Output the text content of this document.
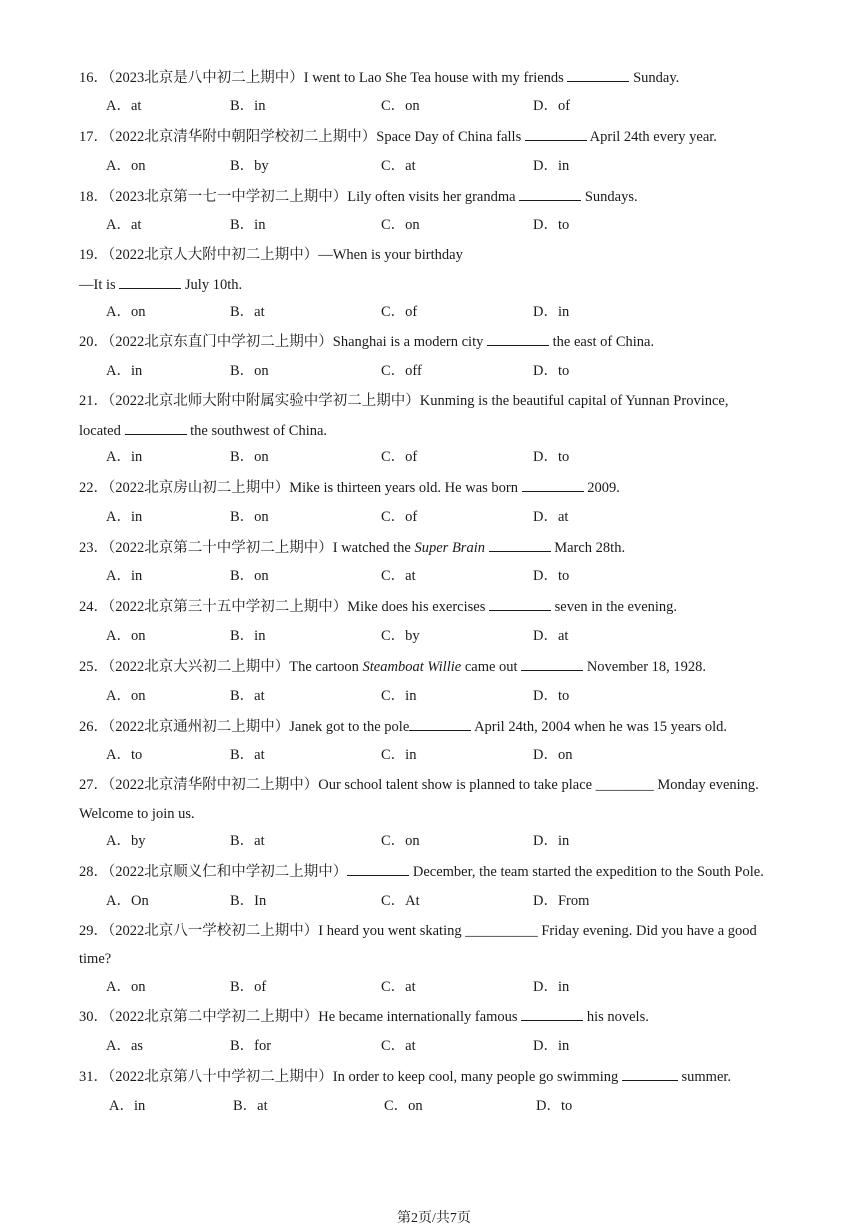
16．（2023北京是八中初二上期中）I went to Lao She Tea house with my friends	Sunday.
A．at	B．in	C．on	D．of
17．（2022北京清华附中朝阳学校初二上期中）Space Day of China falls	April 24th every year.
A．on	B．by	C．at	D．in
18．（2023北京第一七一中学初二上期中）Lily often visits her grandma	Sundays.
A．at	B．in	C．on	D．to
19．（2022北京人大附中初二上期中）—When is your birthday
—It is	July 10th.
A．on	B．at	C．of	D．in
20．（2022北京东直门中学初二上期中）Shanghai is a modern city	the east of China.
A．in	B．on	C．off	D．to
21．（2022北京北师大附中附属实验中学初二上期中）Kunming is the beautiful capital of Yunnan Province,
located	the southwest of China.
A．in	B．on	C．of	D．to
22．（2022北京房山初二上期中）Mike is thirteen years old. He was born	2009.
A．in	B．on	C．of	D．at
23．（2022北京第二十中学初二上期中）I watched the Super Brain	March 28th.
A．in	B．on	C．at	D．to
24．（2022北京第三十五中学初二上期中）Mike does his exercises	seven in the evening.
A．on	B．in	C．by	D．at
25．（2022北京大兴初二上期中）The cartoon Steamboat Willie came out	November 18, 1928.
A．on	B．at	C．in	D．to
26．（2022北京通州初二上期中）Janek got to the pole	April 24th, 2004 when he was 15 years old.
A．to	B．at	C．in	D．on
27．（2022北京清华附中初二上期中）Our school talent show is planned to take place ________ Monday evening.
Welcome to join us.
A．by	B．at	C．on	D．in
28．（2022北京顺义仁和中学初二上期中）	December, the team started the expedition to the South Pole.
A．On	B．In	C．At	D．From
29．（2022北京八一学校初二上期中）I heard you went skating __________ Friday evening. Did you have a good
time?
A．on	B．of	C．at	D．in
30．（2022北京第二中学初二上期中）He became internationally famous	his novels.
A．as	B．for	C．at	D．in
31．（2022北京第八十中学初二上期中）In order to keep cool, many people go swimming	summer.
A．in	B．at	C．on	D．to
第2页/共7页
